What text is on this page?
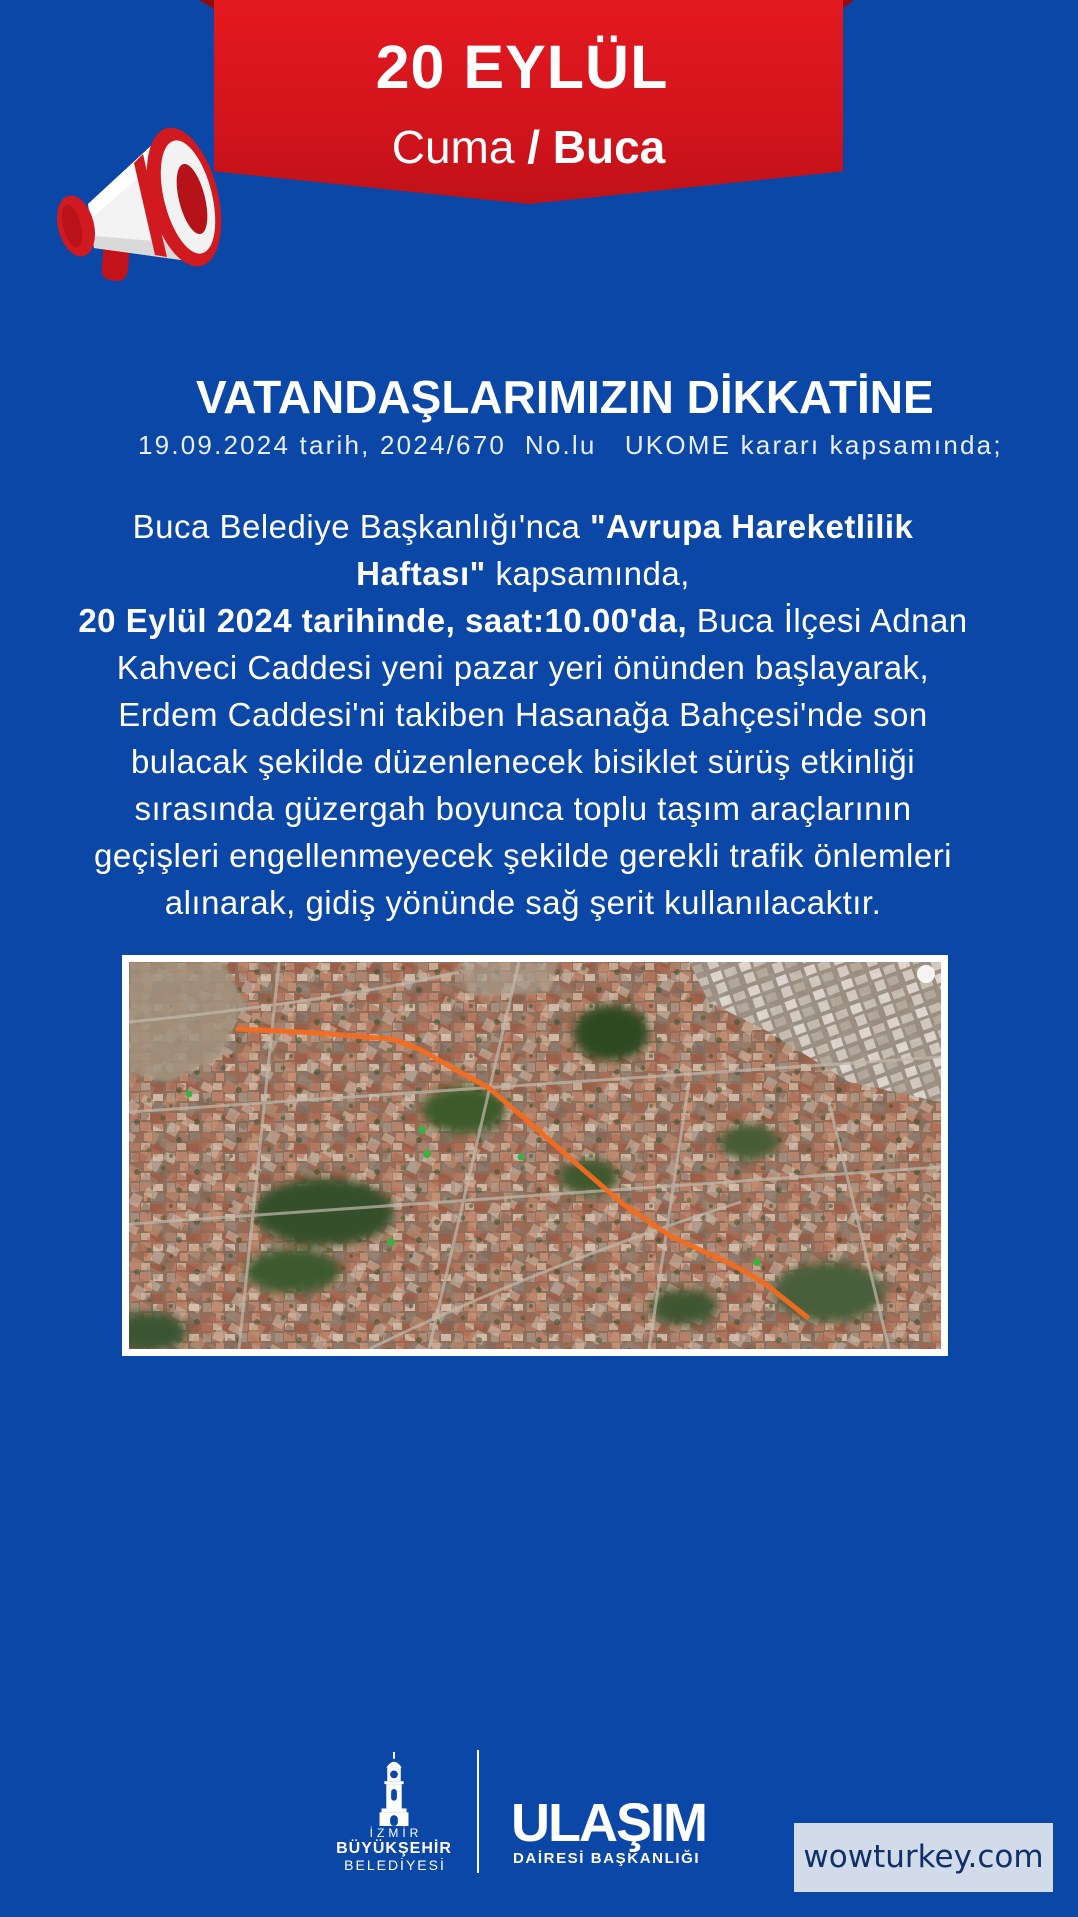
20 EYLÜL
Cuma / Buca
VATANDAŞLARIMIZIN DİKKATİNE
19.09.2024 tarih, 2024/670  No.lu   UKOME kararı kapsamında;
Buca Belediye Başkanlığı'nca "Avrupa Hareketlilik
Haftası" kapsamında,
20 Eylül 2024 tarihinde, saat:10.00'da, Buca İlçesi Adnan
Kahveci Caddesi yeni pazar yeri önünden başlayarak,
Erdem Caddesi'ni takiben Hasanağa Bahçesi'nde son
bulacak şekilde düzenlenecek bisiklet sürüş etkinliği
sırasında güzergah boyunca toplu taşım araçlarının
geçişleri engellenmeyecek şekilde gerekli trafik önlemleri
alınarak, gidiş yönünde sağ şerit kullanılacaktır.
İZMİR
BÜYÜKŞEHİR
BELEDİYESİ
ULAŞIM
DAİRESİ BAŞKANLIĞI	wowturkey.com
